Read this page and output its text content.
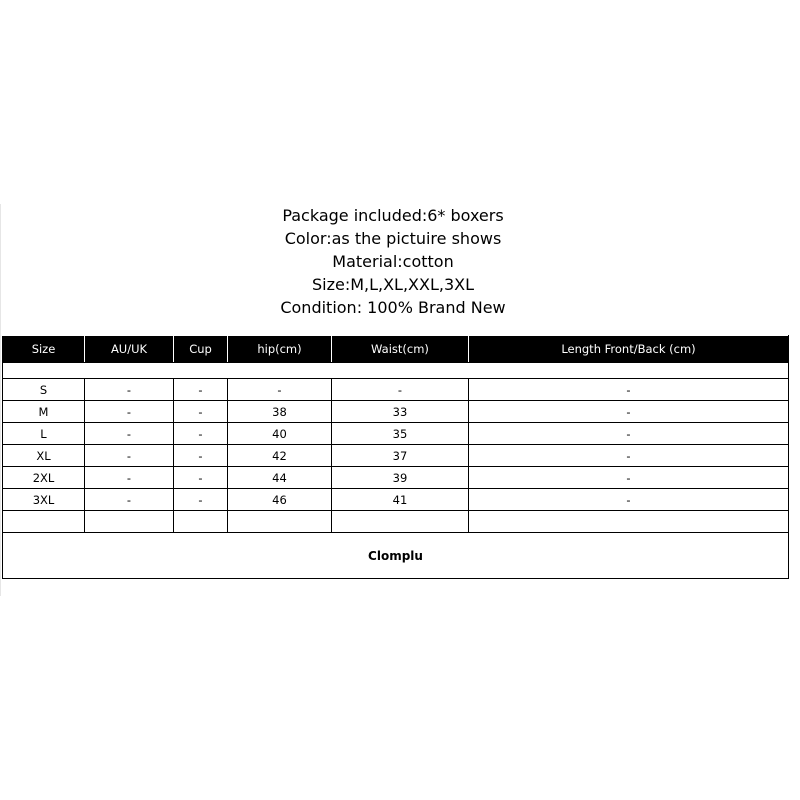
Package included:6* boxers
Color:as the pictuire shows
Material:cotton
Size:M,L,XL,XXL,3XL
Condition: 100% Brand New

Size	AU/UK	Cup	hip(cm)	Waist(cm)	Length Front/Back (cm)
S	-	-	-	-	-
M	-	-	38	33	-
L	-	-	40	35	-
XL	-	-	42	37	-
2XL	-	-	44	39	-
3XL	-	-	46	41	-

Clomplu					
